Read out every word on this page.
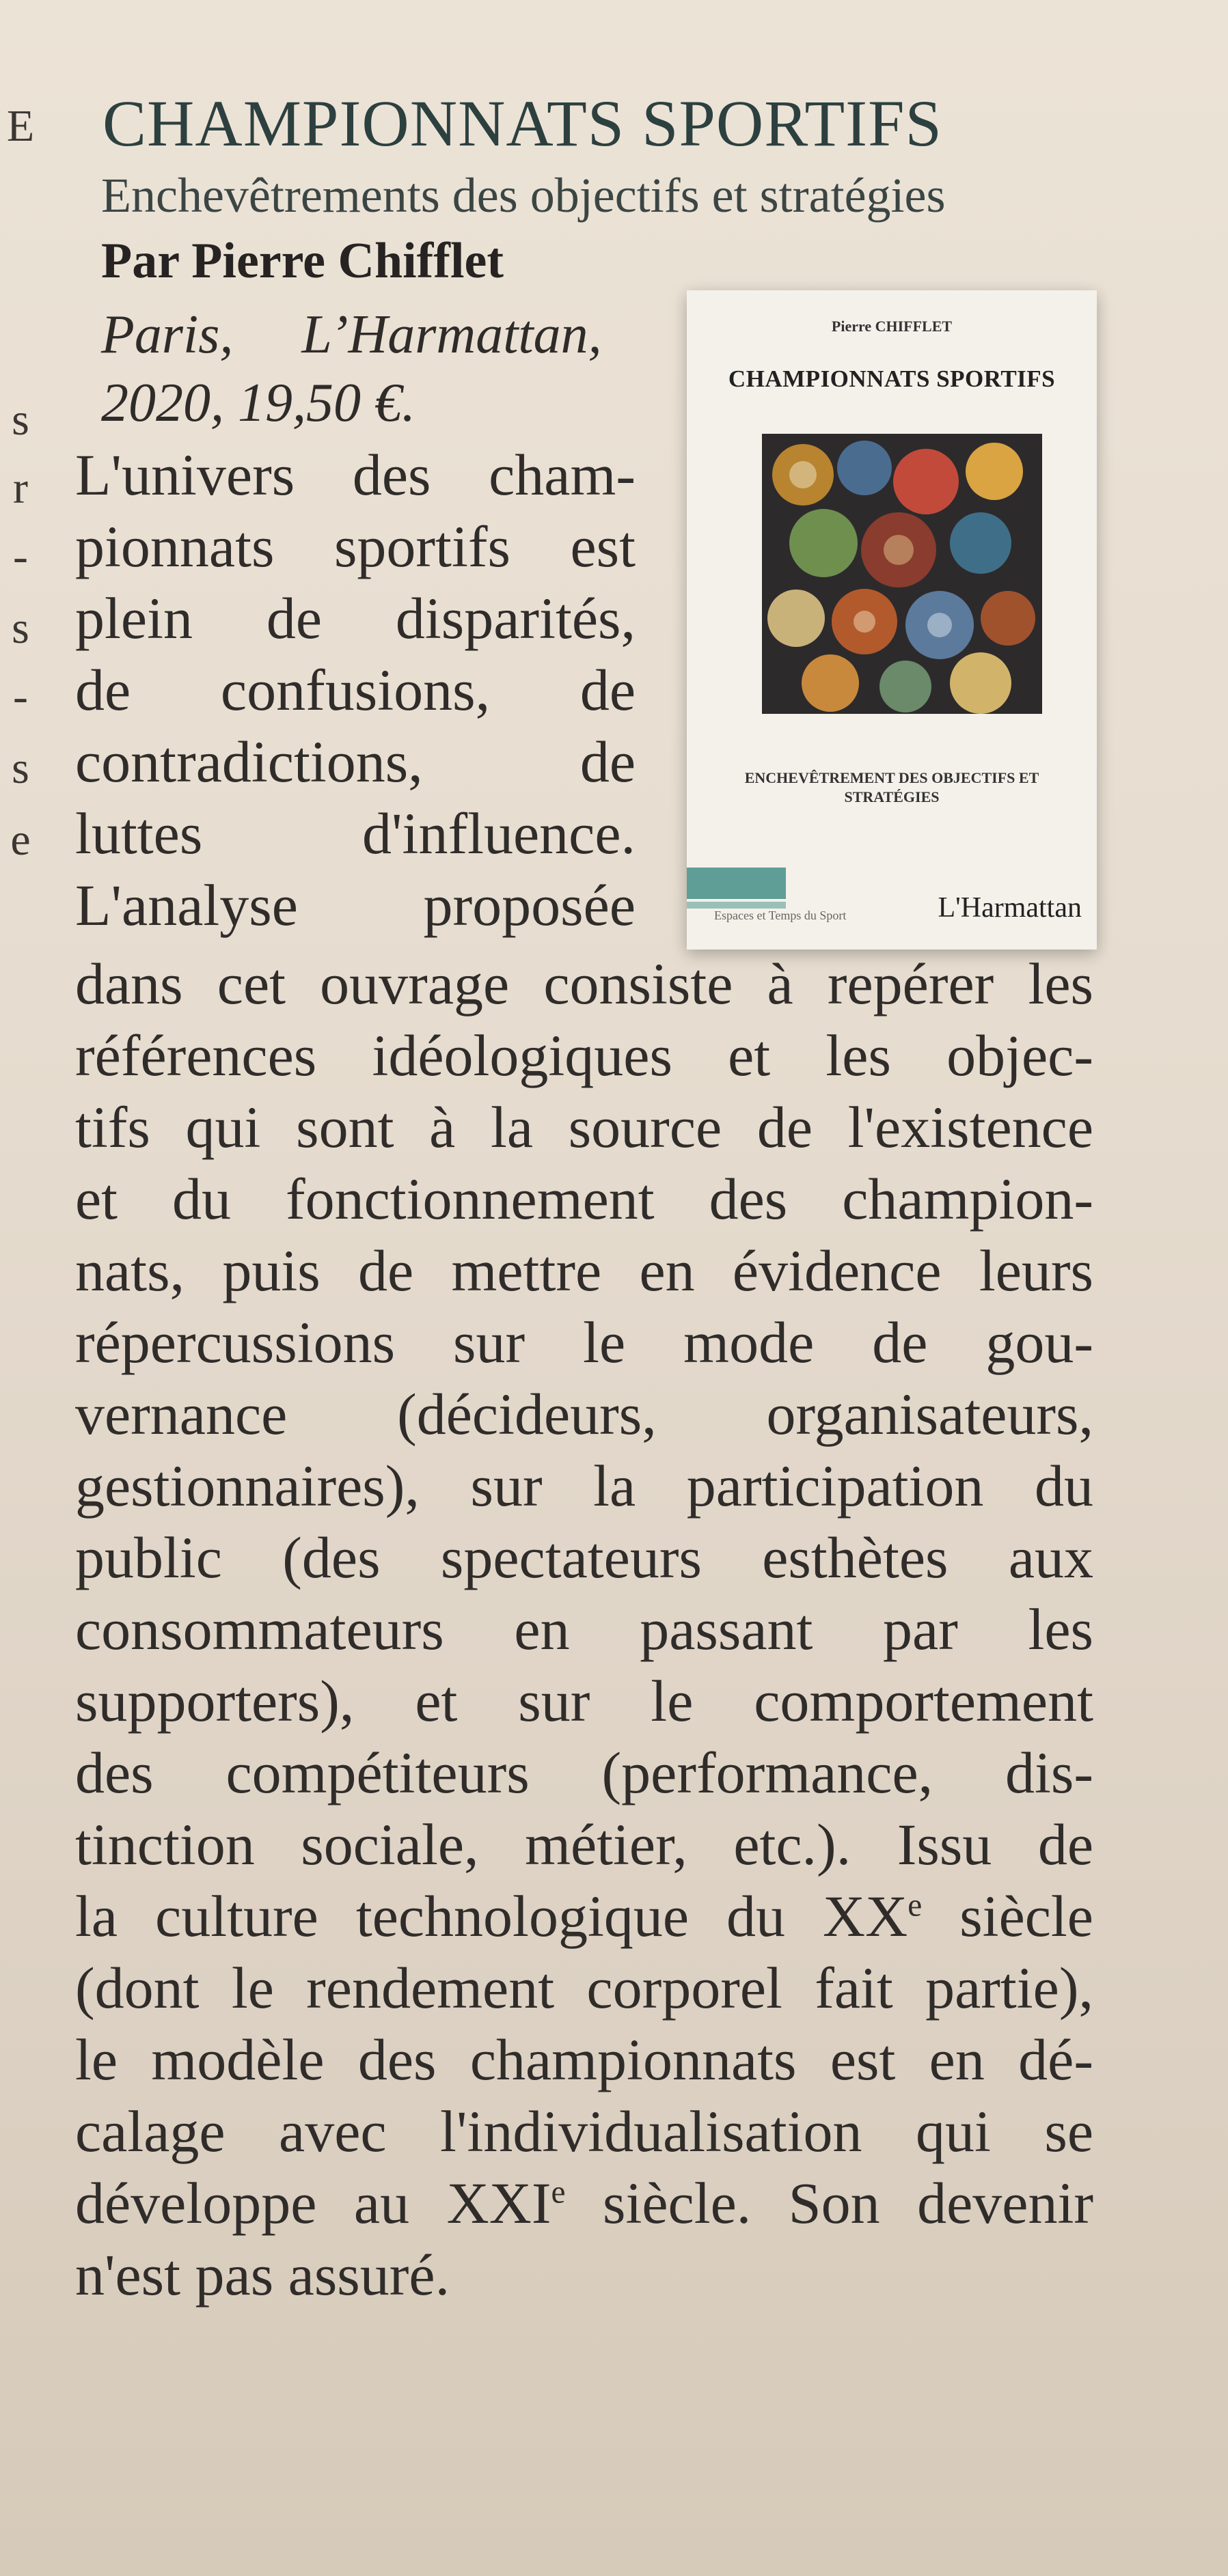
E
s
r
-
s
-
s
e
CHAMPIONNATS SPORTIFS
Enchevêtrements des objectifs et stratégies
Par Pierre Chifflet
Paris,     L’Harmattan,
2020, 19,50 €.
Pierre CHIFFLET
CHAMPIONNATS SPORTIFS
ENCHEVÊTREMENT DES OBJECTIFS ET STRATÉGIES
Espaces et Temps du Sport	L'Harmattan
L'univers des cham-
pionnats sportifs est
plein de disparités,
de confusions, de
contradictions, de
luttes d'influence.
L'analyse proposée
dans cet ouvrage consiste à repérer les
références idéologiques et les objec-
tifs qui sont à la source de l'existence
et du fonctionnement des champion-
nats, puis de mettre en évidence leurs
répercussions sur le mode de gou-
vernance (décideurs, organisateurs,
gestionnaires), sur la participation du
public (des spectateurs esthètes aux
consommateurs en passant par les
supporters), et sur le comportement
des compétiteurs (performance, dis-
tinction sociale, métier, etc.). Issu de
la culture technologique du XXe siècle
(dont le rendement corporel fait partie),
le modèle des championnats est en dé-
calage avec l'individualisation qui se
développe au XXIe siècle. Son devenir
n'est pas assuré.
